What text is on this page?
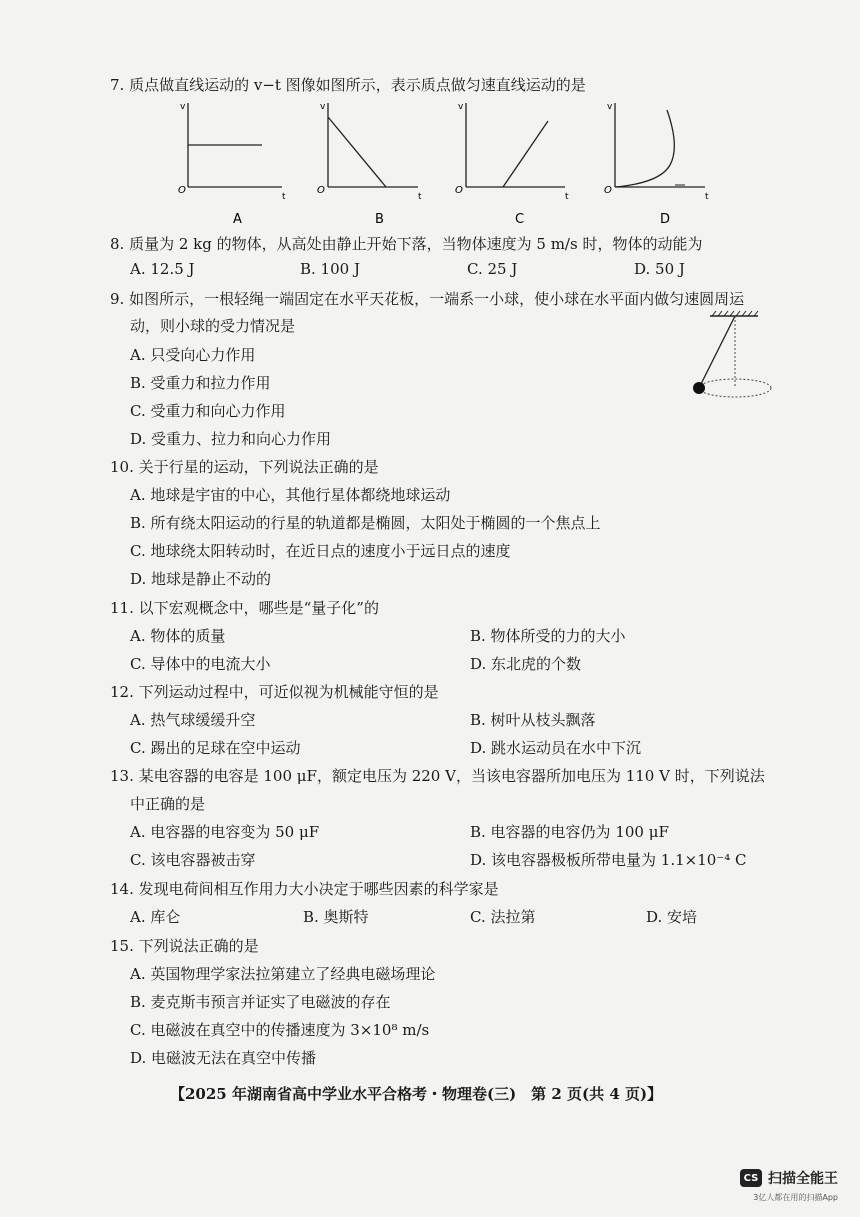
7. 质点做直线运动的 v−t 图像如图所示，表示质点做匀速直线运动的是
v
O
t
A
v
O
t
B
v
O
t
C
v
O
t
D
8. 质量为 2 kg 的物体，从高处由静止开始下落，当物体速度为 5 m/s 时，物体的动能为
A. 12.5 J	B. 100 J	C. 25 J	D. 50 J
9. 如图所示，一根轻绳一端固定在水平天花板，一端系一小球，使小球在水平面内做匀速圆周运
动，则小球的受力情况是
A. 只受向心力作用
B. 受重力和拉力作用
C. 受重力和向心力作用
D. 受重力、拉力和向心力作用
10. 关于行星的运动，下列说法正确的是
A. 地球是宇宙的中心，其他行星体都绕地球运动
B. 所有绕太阳运动的行星的轨道都是椭圆，太阳处于椭圆的一个焦点上
C. 地球绕太阳转动时，在近日点的速度小于远日点的速度
D. 地球是静止不动的
11. 以下宏观概念中，哪些是“量子化”的
A. 物体的质量	B. 物体所受的力的大小
C. 导体中的电流大小	D. 东北虎的个数
12. 下列运动过程中，可近似视为机械能守恒的是
A. 热气球缓缓升空	B. 树叶从枝头飘落
C. 踢出的足球在空中运动	D. 跳水运动员在水中下沉
13. 某电容器的电容是 100 μF，额定电压为 220 V，当该电容器所加电压为 110 V 时，下列说法
中正确的是
A. 电容器的电容变为 50 μF	B. 电容器的电容仍为 100 μF
C. 该电容器被击穿	D. 该电容器极板所带电量为 1.1×10⁻⁴ C
14. 发现电荷间相互作用力大小决定于哪些因素的科学家是
A. 库仑	B. 奥斯特	C. 法拉第	D. 安培
15. 下列说法正确的是
A. 英国物理学家法拉第建立了经典电磁场理论
B. 麦克斯韦预言并证实了电磁波的存在
C. 电磁波在真空中的传播速度为 3×10⁸ m/s
D. 电磁波无法在真空中传播
【2025 年湖南省高中学业水平合格考・物理卷(三)　第 2 页(共 4 页)】
CS 扫描全能王
3亿人都在用的扫描App
